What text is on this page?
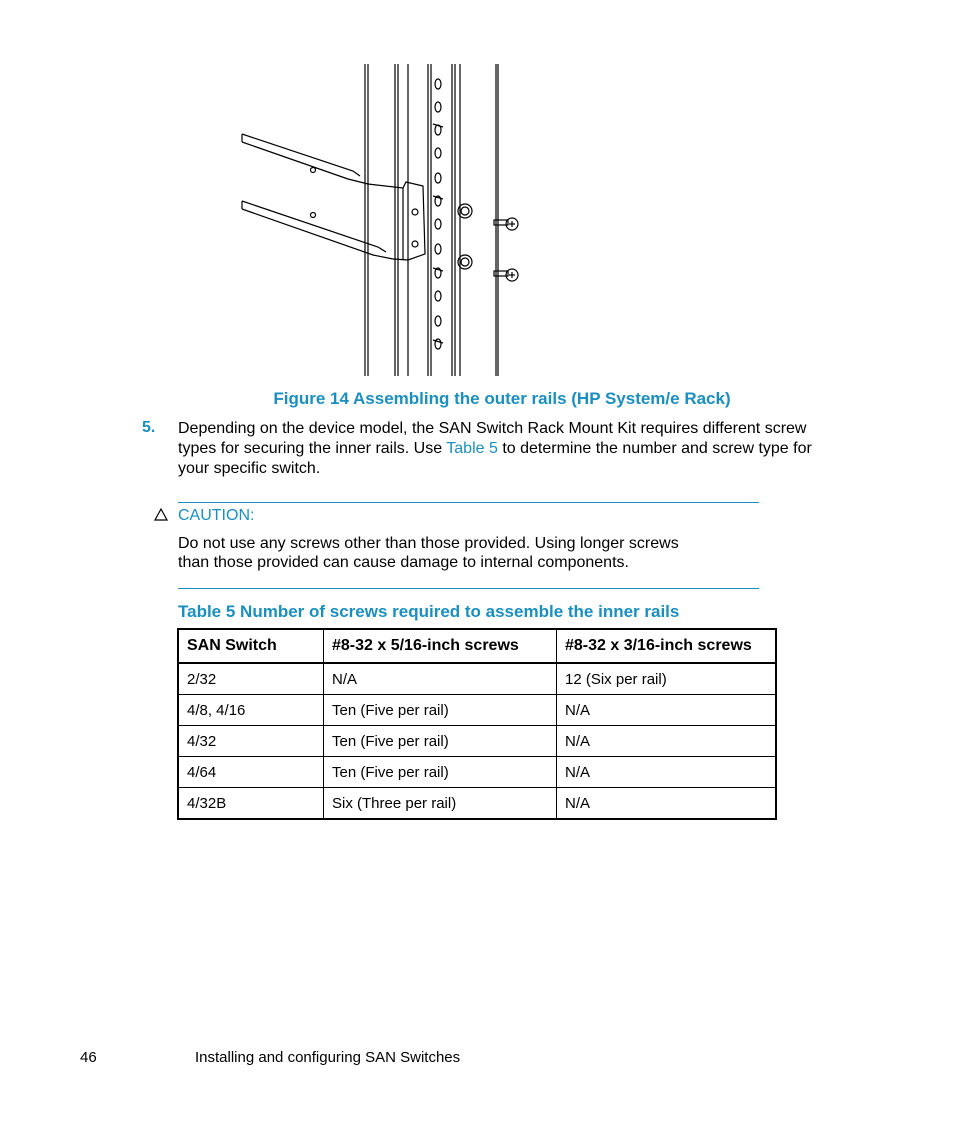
Figure 14 Assembling the outer rails (HP System/e Rack)
5. Depending on the device model, the SAN Switch Rack Mount Kit requires different screw types for securing the inner rails. Use Table 5 to determine the number and screw type for your specific switch.
CAUTION:
Do not use any screws other than those provided. Using longer screws
than those provided can cause damage to internal components.
Table 5 Number of screws required to assemble the inner rails
SAN Switch	#8-32 x 5/16-inch screws	#8-32 x 3/16-inch screws
2/32	N/A	12 (Six per rail)
4/8, 4/16	Ten (Five per rail)	N/A
4/32	Ten (Five per rail)	N/A
4/64	Ten (Five per rail)	N/A
4/32B	Six (Three per rail)	N/A
46	Installing and configuring SAN Switches
